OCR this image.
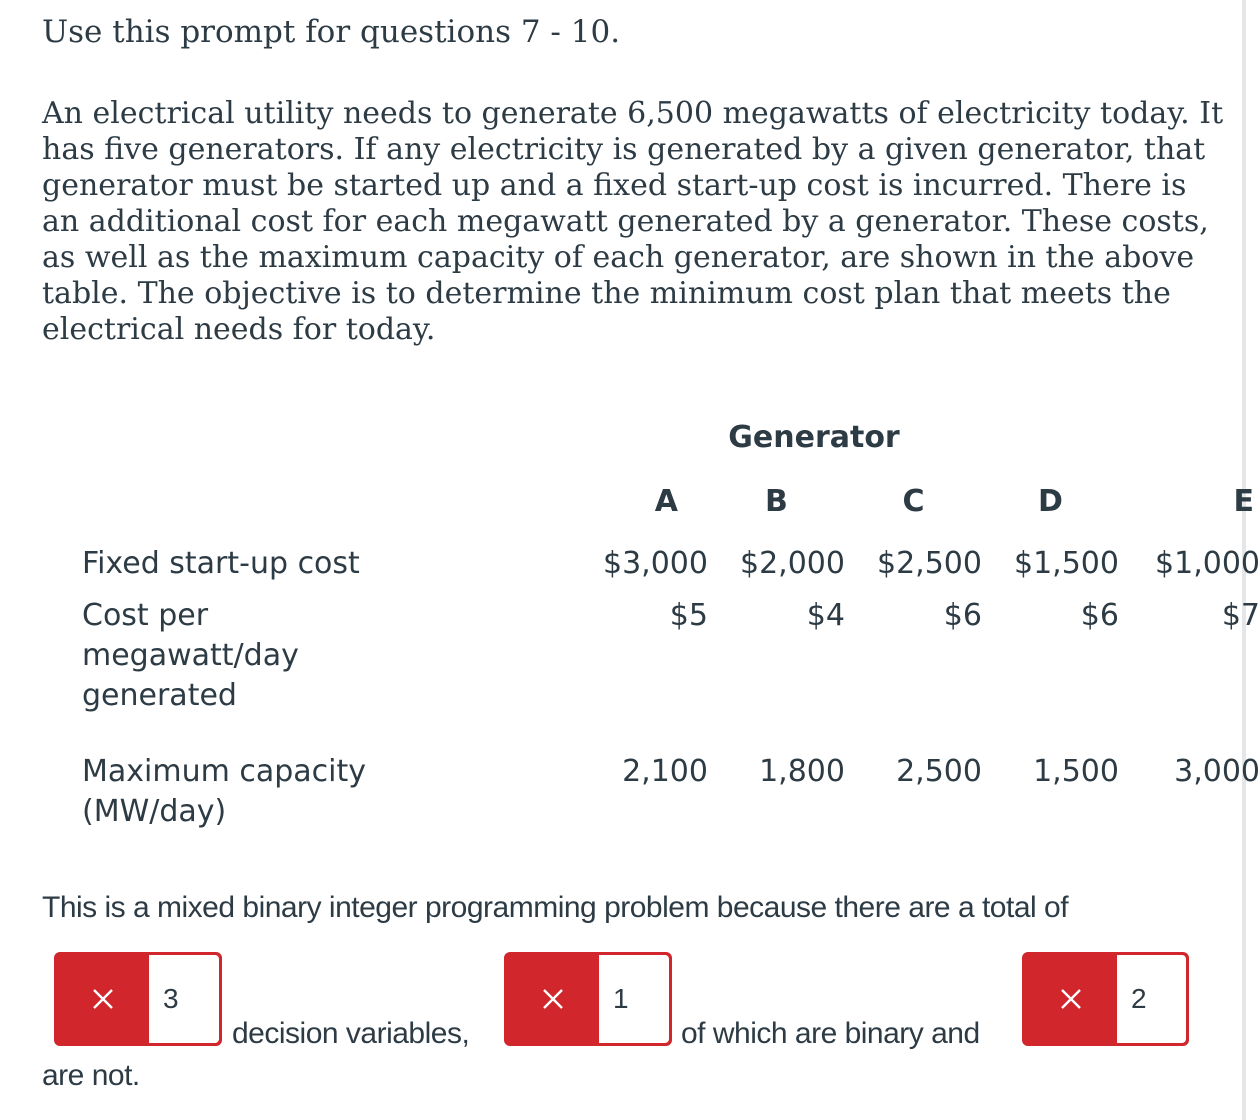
Use this prompt for questions 7 - 10.

An electrical utility needs to generate 6,500 megawatts of electricity today. It has five generators. If any electricity is generated by a given generator, that generator must be started up and a fixed start-up cost is incurred. There is an additional cost for each megawatt generated by a generator. These costs, as well as the maximum capacity of each generator, are shown in the above table. The objective is to determine the minimum cost plan that meets the electrical needs for today.

Generator
	A	B	C	D	E
Fixed start-up cost	$3,000	$2,000	$2,500	$1,500	$1,000
Cost per megawatt/day generated	$5	$4	$6	$6	$7
Maximum capacity (MW/day)	2,100	1,800	2,500	1,500	3,000
This is a mixed binary integer programming problem because there are a total of
3
decision variables,
1
of which are binary and
2
are not.
